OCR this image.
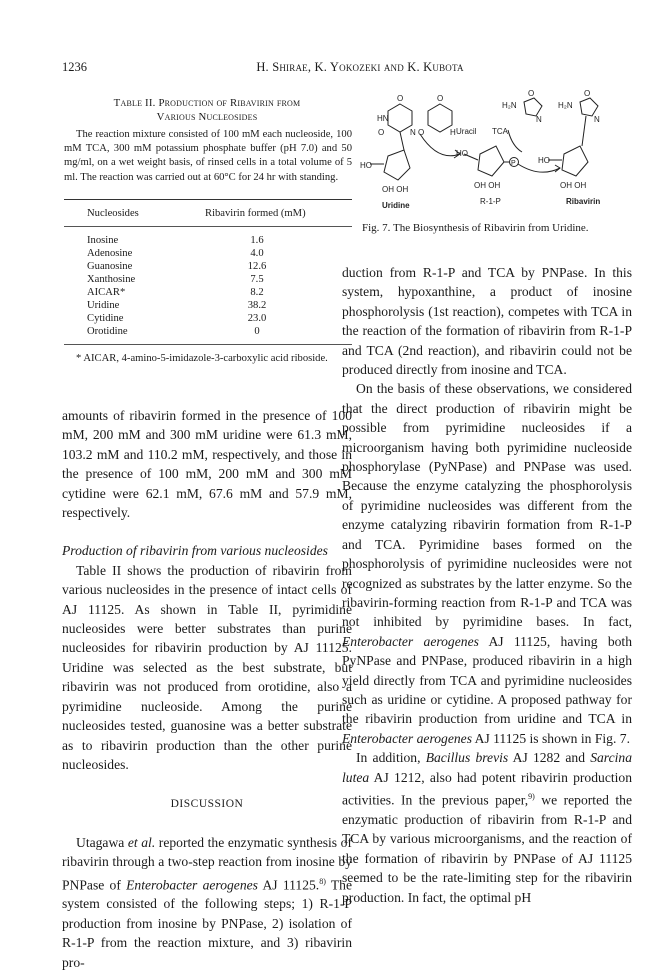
1236	H. Shirae, K. Yokozeki and K. Kubota
Table II. Production of Ribavirin from
Various Nucleosides
The reaction mixture consisted of 100 mM each nucleoside, 100 mM TCA, 300 mM potassium phosphate buffer (pH 7.0) and 50 mg/ml, on a wet weight basis, of rinsed cells in a total volume of 5 ml. The reaction was carried out at 60°C for 24 hr with standing.
Nucleosides	Ribavirin formed (mM)
Inosine	1.6
Adenosine	4.0
Guanosine	12.6
Xanthosine	7.5
AICAR*	8.2
Uridine	38.2
Cytidine	23.0
Orotidine	0
* AICAR, 4-amino-5-imidazole-3-carboxylic acid riboside.
O
HN
O	N
HO
OH OH
Uridine
O
O	H Uracil TCA
HO
P
OH OH
R-1-P
H₂N
O
N
H₂N
O
N
HO
OH OH
Ribavirin
Fig. 7. The Biosynthesis of Ribavirin from Uridine.

amounts of ribavirin formed in the presence of 100 mM, 200 mM and 300 mM uridine were 61.3 mM, 103.2 mM and 110.2 mM, respectively, and those in the presence of 100 mM, 200 mM and 300 mM cytidine were 62.1 mM, 67.6 mM and 57.9 mM, respectively.

Production of ribavirin from various nucleosides

Table II shows the production of ribavirin from various nucleosides in the presence of intact cells of AJ 11125. As shown in Table II, pyrimidine nucleosides were better substrates than purine nucleosides for ribavirin production by AJ 11125. Uridine was selected as the best substrate, but ribavirin was not produced from orotidine, also a pyrimidine nucleoside. Among the purine nucleosides tested, guanosine was a better substrate as to ribavirin production than the other purine nucleosides.

DISCUSSION

Utagawa et al. reported the enzymatic synthesis of ribavirin through a two-step reaction from inosine by PNPase of Enterobacter aerogenes AJ 11125.$^{8)}$ The system consisted of the following steps; 1) R-1-P production from inosine by PNPase, 2) isolation of R-1-P from the reaction mixture, and 3) ribavirin pro-

duction from R-1-P and TCA by PNPase. In this system, hypoxanthine, a product of inosine phosphorolysis (1st reaction), competes with TCA in the reaction of the formation of ribavirin from R-1-P and TCA (2nd reaction), and ribavirin could not be produced directly from inosine and TCA.

On the basis of these observations, we considered that the direct production of ribavirin might be possible from pyrimidine nucleosides if a microorganism having both pyrimidine nucleoside phosphorylase (PyNPase) and PNPase was used. Because the enzyme catalyzing the phosphorolysis of pyrimidine nucleosides was different from the enzyme catalyzing ribavirin formation from R-1-P and TCA. Pyrimidine bases formed on the phosphorolysis of pyrimidine nucleosides were not recognized as substrates by the latter enzyme. So the ribavirin-forming reaction from R-1-P and TCA was not inhibited by pyrimidine bases. In fact, Enterobacter aerogenes AJ 11125, having both PyNPase and PNPase, produced ribavirin in a high yield directly from TCA and pyrimidine nucleosides such as uridine or cytidine. A proposed pathway for the ribavirin production from uridine and TCA in Enterobacter aerogenes AJ 11125 is shown in Fig. 7.

In addition, Bacillus brevis AJ 1282 and Sarcina lutea AJ 1212, also had potent ribavirin production activities. In the previous paper,$^{9)}$ we reported the enzymatic production of ribavirin from R-1-P and TCA by various microorganisms, and the reaction of the formation of ribavirin by PNPase of AJ 11125 seemed to be the rate-limiting step for the ribavirin production. In fact, the optimal pH
